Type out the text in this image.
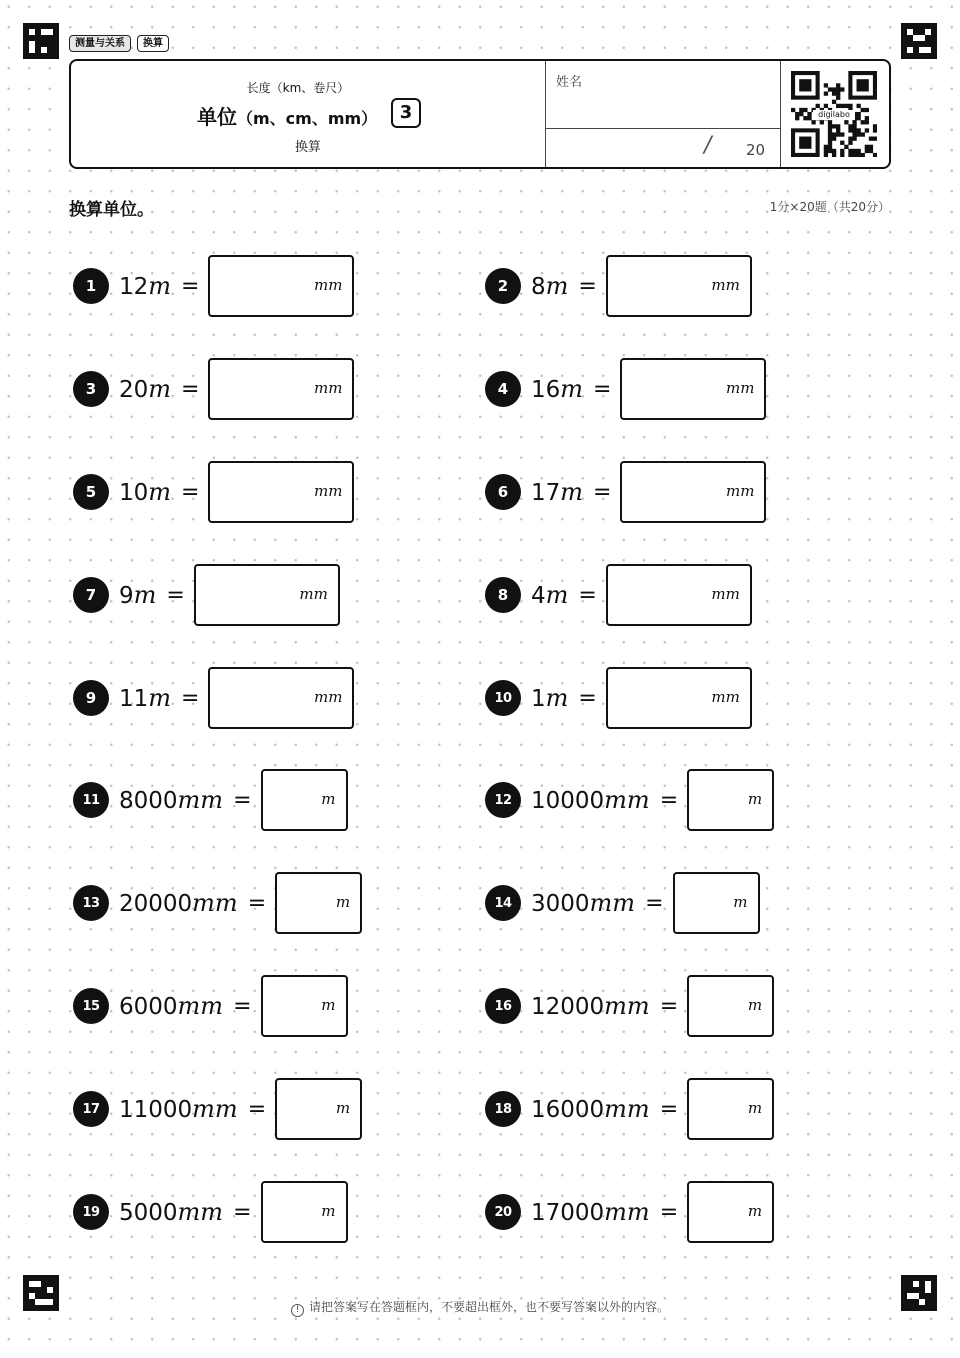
测量与关系	换算
长度（km、卷尺）
单位（m、cm、mm）	3
换算
姓名
/ 20
digilabo
换算单位。	1分×20题（共20分）
1 12m =	mm
3 20m =	mm
5 10m =	mm
7 9m =	mm
9 11m =	mm
11 8000mm =	m
13 20000mm =	m
15 6000mm =	m
17 11000mm =	m
19 5000mm =	m
2 8m =	mm
4 16m =	mm
6 17m =	mm
8 4m =	mm
10 1m =	mm
12 10000mm =	m
14 3000mm =	m
16 12000mm =	m
18 16000mm =	m
20 17000mm =	m
! 请把答案写在答题框内，不要超出框外，也不要写答案以外的内容。
